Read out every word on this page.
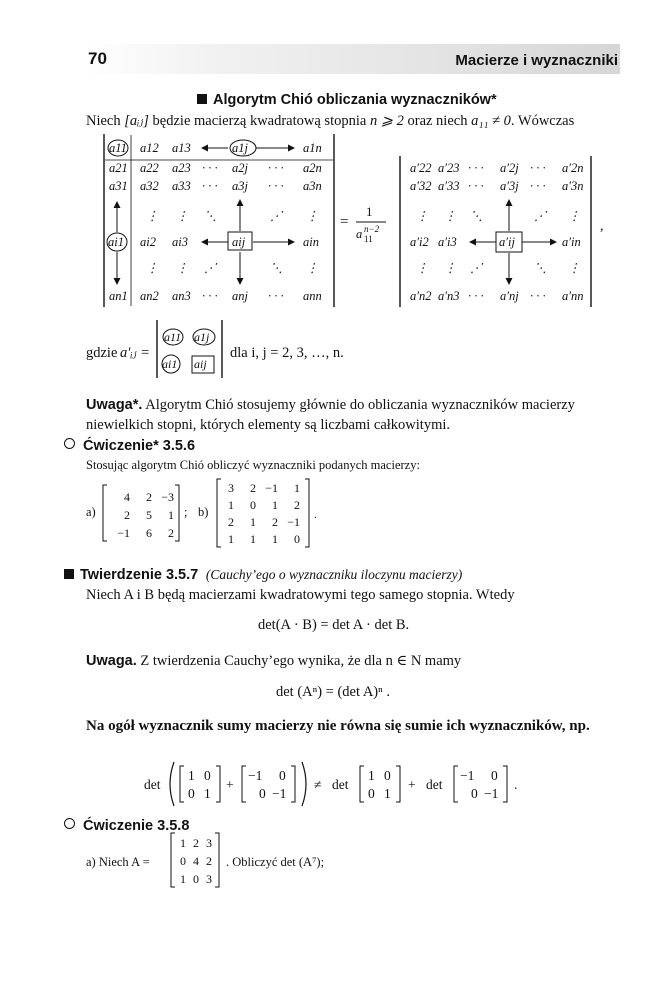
70	Macierze i wyznaczniki
Algorytm Chió obliczania wyznaczników*
Niech [aᵢⱼ] będzie macierzą kwadratową stopnia n ⩾ 2 oraz niech a₁₁ ≠ 0. Wówczas
a11 a12 a13	a1j	a1n
a21 a22 a23 · · · a2j · · · a2n
a31 a32 a33 · · · a3j · · · a3n
⋮ ⋮ ⋱	⋰ ⋮
ai1 ai2 ai3	aij	ain
⋮ ⋮ ⋰	⋱ ⋮
an1 an2 an3 · · · anj · · · ann
=
1
a n−2
11
a′22 a′23 · · · a′2j · · · a′2n
a′32 a′33 · · · a′3j · · · a′3n
⋮ ⋮ ⋱	⋰ ⋮
a′i2 a′i3	a′ij	a′in
⋮ ⋮ ⋰	⋱ ⋮
a′n2 a′n3 · · · a′nj · · · a′nn
,
gdzie a′ᵢⱼ =
a11 a1j
ai1 aij
dla i, j = 2, 3, …, n.
Uwaga*. Algorytm Chió stosujemy głównie do obliczania wyznaczników macierzy niewielkich stopni, których elementy są liczbami całkowitymi.
Ćwiczenie* 3.5.6
Stosując algorytm Chió obliczyć wyznaczniki podanych macierzy:
a)
4 2 −3
2 5 1
−1 6 2
; b)
3 2 −1 1
1 0 1 2
2 1 2 −1
1 1 1 0
.
Twierdzenie 3.5.7 (Cauchy’ego o wyznaczniku iloczynu macierzy)
Niech A i B będą macierzami kwadratowymi tego samego stopnia. Wtedy
det(A · B) = det A · det B.
Uwaga. Z twierdzenia Cauchy’ego wynika, że dla n ∈ N mamy
det (Aⁿ) = (det A)ⁿ .
Na ogół wyznacznik sumy macierzy nie równa się sumie ich wyznaczników, np.
det
1 0
0 1
+
−1 0
0 −1
≠ det
1 0
0 1
+ det
−1 0
0 −1
.
Ćwiczenie 3.5.8
a) Niech A =
1 2 3
0 4 2
1 0 3
. Obliczyć det (A⁷);
